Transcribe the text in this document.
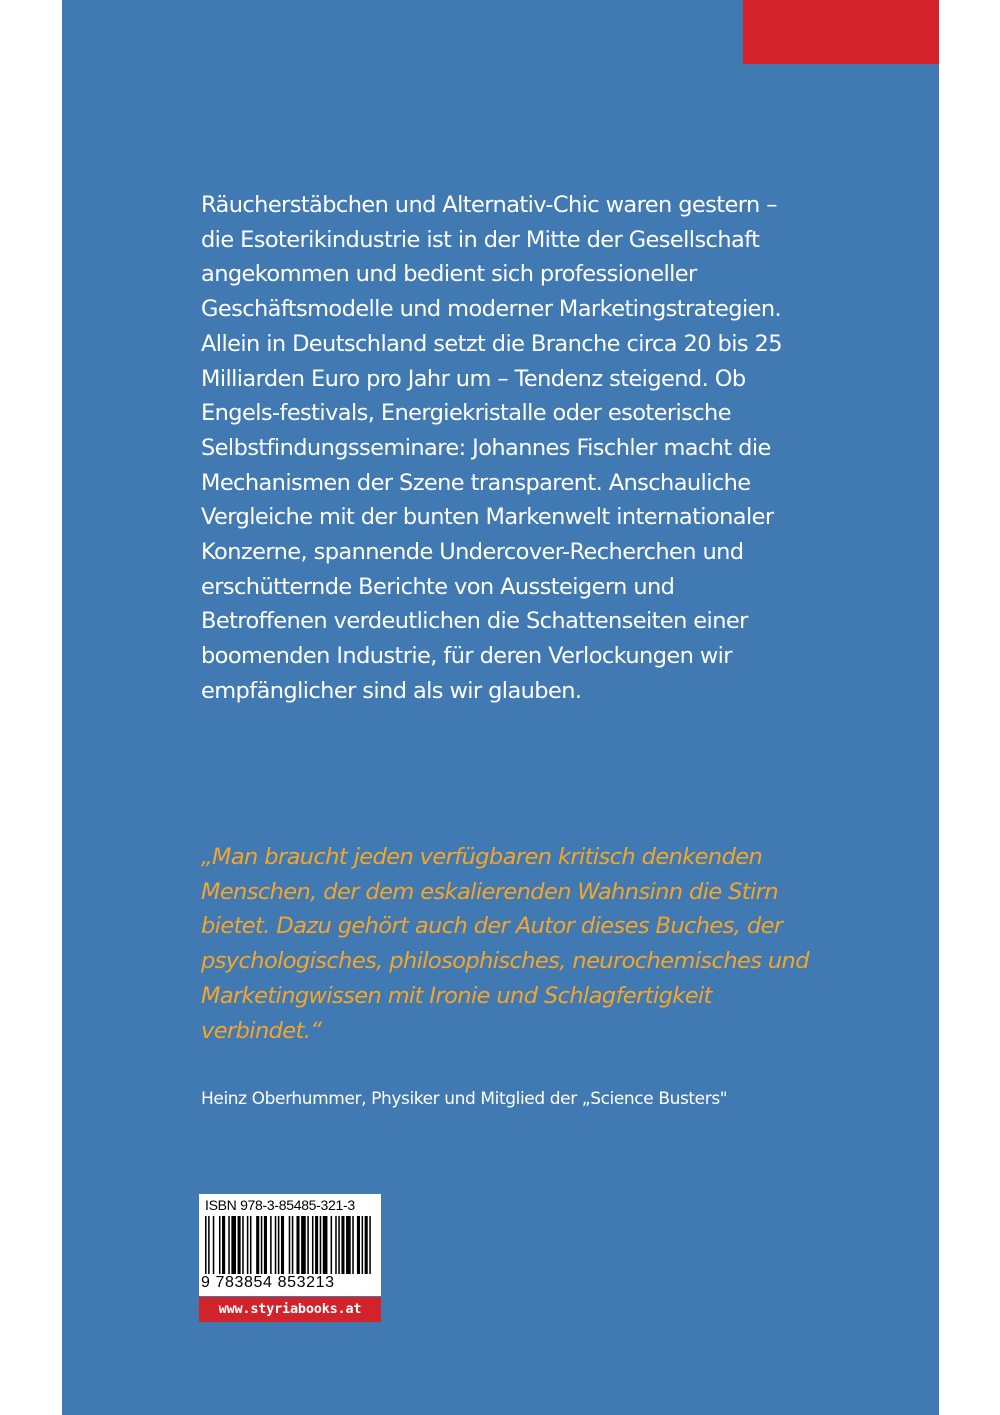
Räucherstäbchen und Alternativ-Chic waren gestern – die Esoterikindustrie ist in der Mitte der Gesellschaft angekommen und bedient sich professioneller Geschäftsmodelle und moderner Marketingstrategien. Allein in Deutschland setzt die Branche circa 20 bis 25 Milliarden Euro pro Jahr um – Tendenz steigend. Ob Engels-festivals, Energiekristalle oder esoterische Selbstfindungsseminare: Johannes Fischler macht die Mechanismen der Szene transparent. Anschauliche Vergleiche mit der bunten Markenwelt internationaler Konzerne, spannende Undercover-Recherchen und erschütternde Berichte von Aussteigern und Betroffenen verdeutlichen die Schattenseiten einer boomenden Industrie, für deren Verlockungen wir empfänglicher sind als wir glauben.

„Man braucht jeden verfügbaren kritisch denkenden Menschen, der dem eskalierenden Wahnsinn die Stirn bietet. Dazu gehört auch der Autor dieses Buches, der psychologisches, philosophisches, neurochemisches und Marketingwissen mit Ironie und Schlagfertigkeit verbindet.“

Heinz Oberhummer, Physiker und Mitglied der „Science Busters"

ISBN 978-3-85485-321-3
9 783854 853213
www.styriabooks.at
